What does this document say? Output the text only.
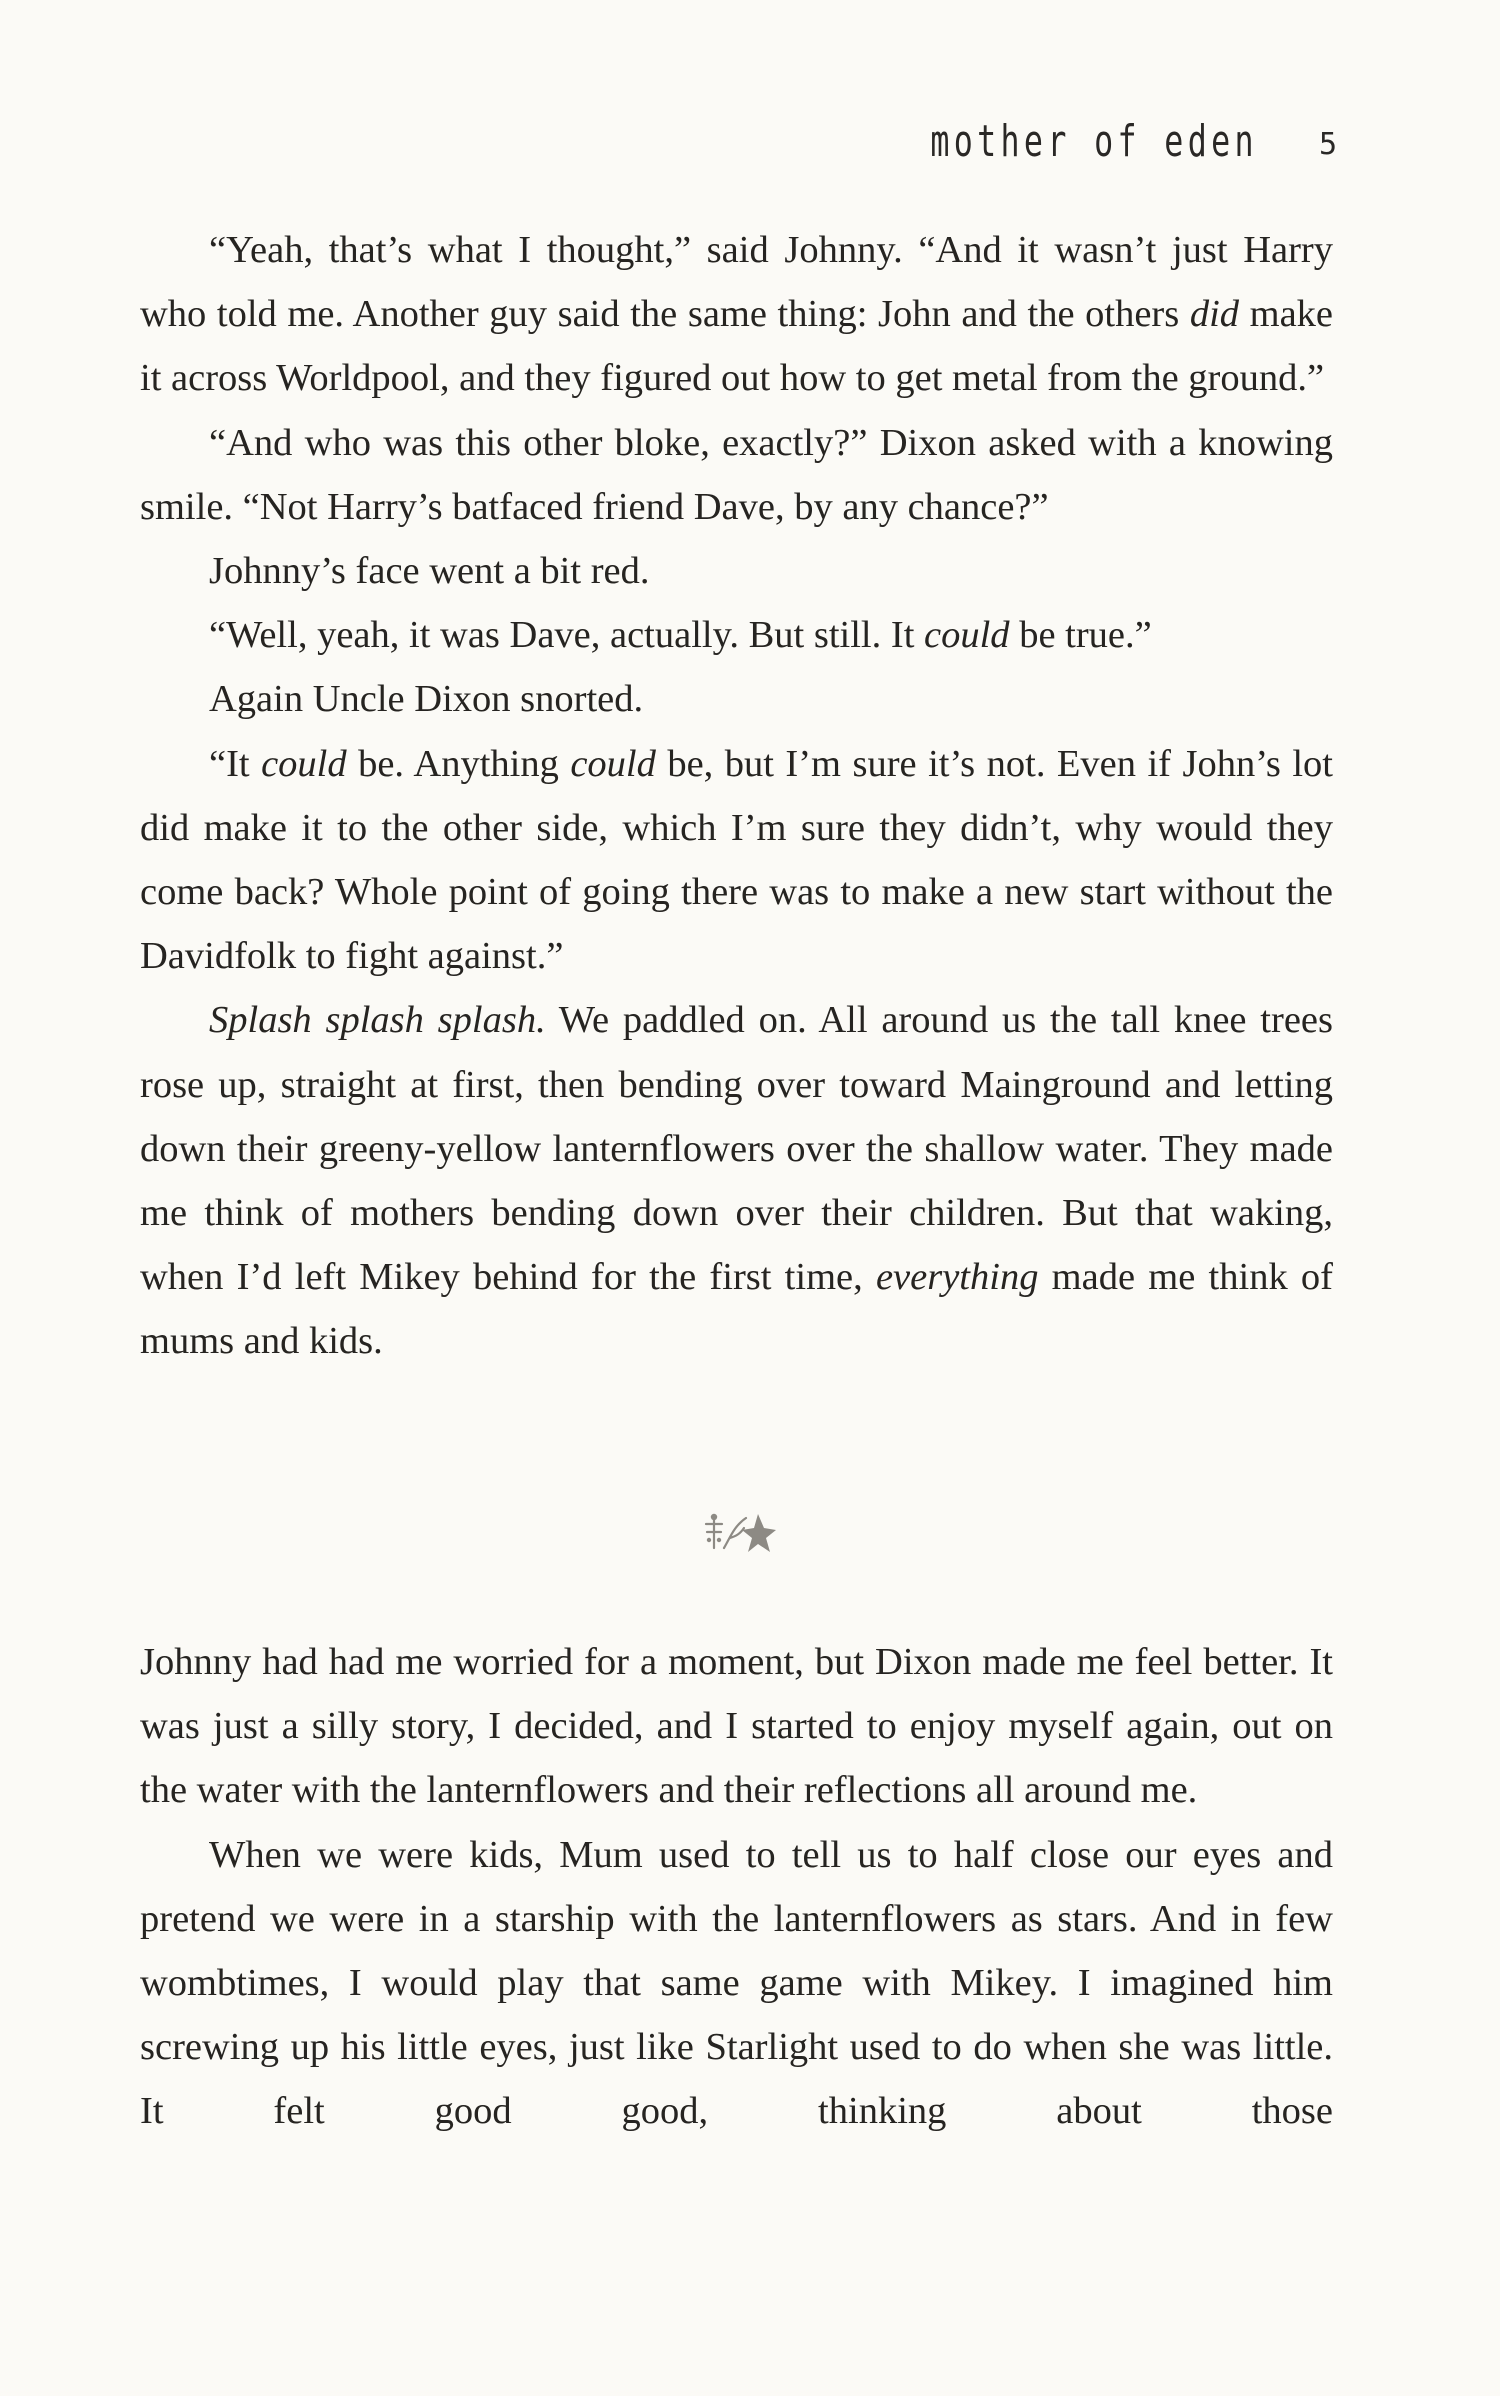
mother of eden 5

“Yeah, that’s what I thought,” said Johnny. “And it wasn’t just Harry who told me. Another guy said the same thing: John and the others did make it across Worldpool, and they figured out how to get metal from the ground.”

“And who was this other bloke, exactly?” Dixon asked with a knowing smile. “Not Harry’s batfaced friend Dave, by any chance?”

Johnny’s face went a bit red.

“Well, yeah, it was Dave, actually. But still. It could be true.”

Again Uncle Dixon snorted.

“It could be. Anything could be, but I’m sure it’s not. Even if John’s lot did make it to the other side, which I’m sure they didn’t, why would they come back? Whole point of going there was to make a new start without the Davidfolk to fight against.”

Splash splash splash. We paddled on. All around us the tall knee trees rose up, straight at first, then bending over toward Mainground and letting down their greeny-yellow lanternflowers over the shallow water. They made me think of mothers bending down over their children. But that waking, when I’d left Mikey behind for the first time, everything made me think of mums and kids.

Johnny had had me worried for a moment, but Dixon made me feel better. It was just a silly story, I decided, and I started to enjoy myself again, out on the water with the lanternflowers and their reflections all around me.

When we were kids, Mum used to tell us to half close our eyes and pretend we were in a starship with the lanternflowers as stars. And in few wombtimes, I would play that same game with Mikey. I imagined him screwing up his little eyes, just like Starlight used to do when she was little. It felt good good, thinking about those
